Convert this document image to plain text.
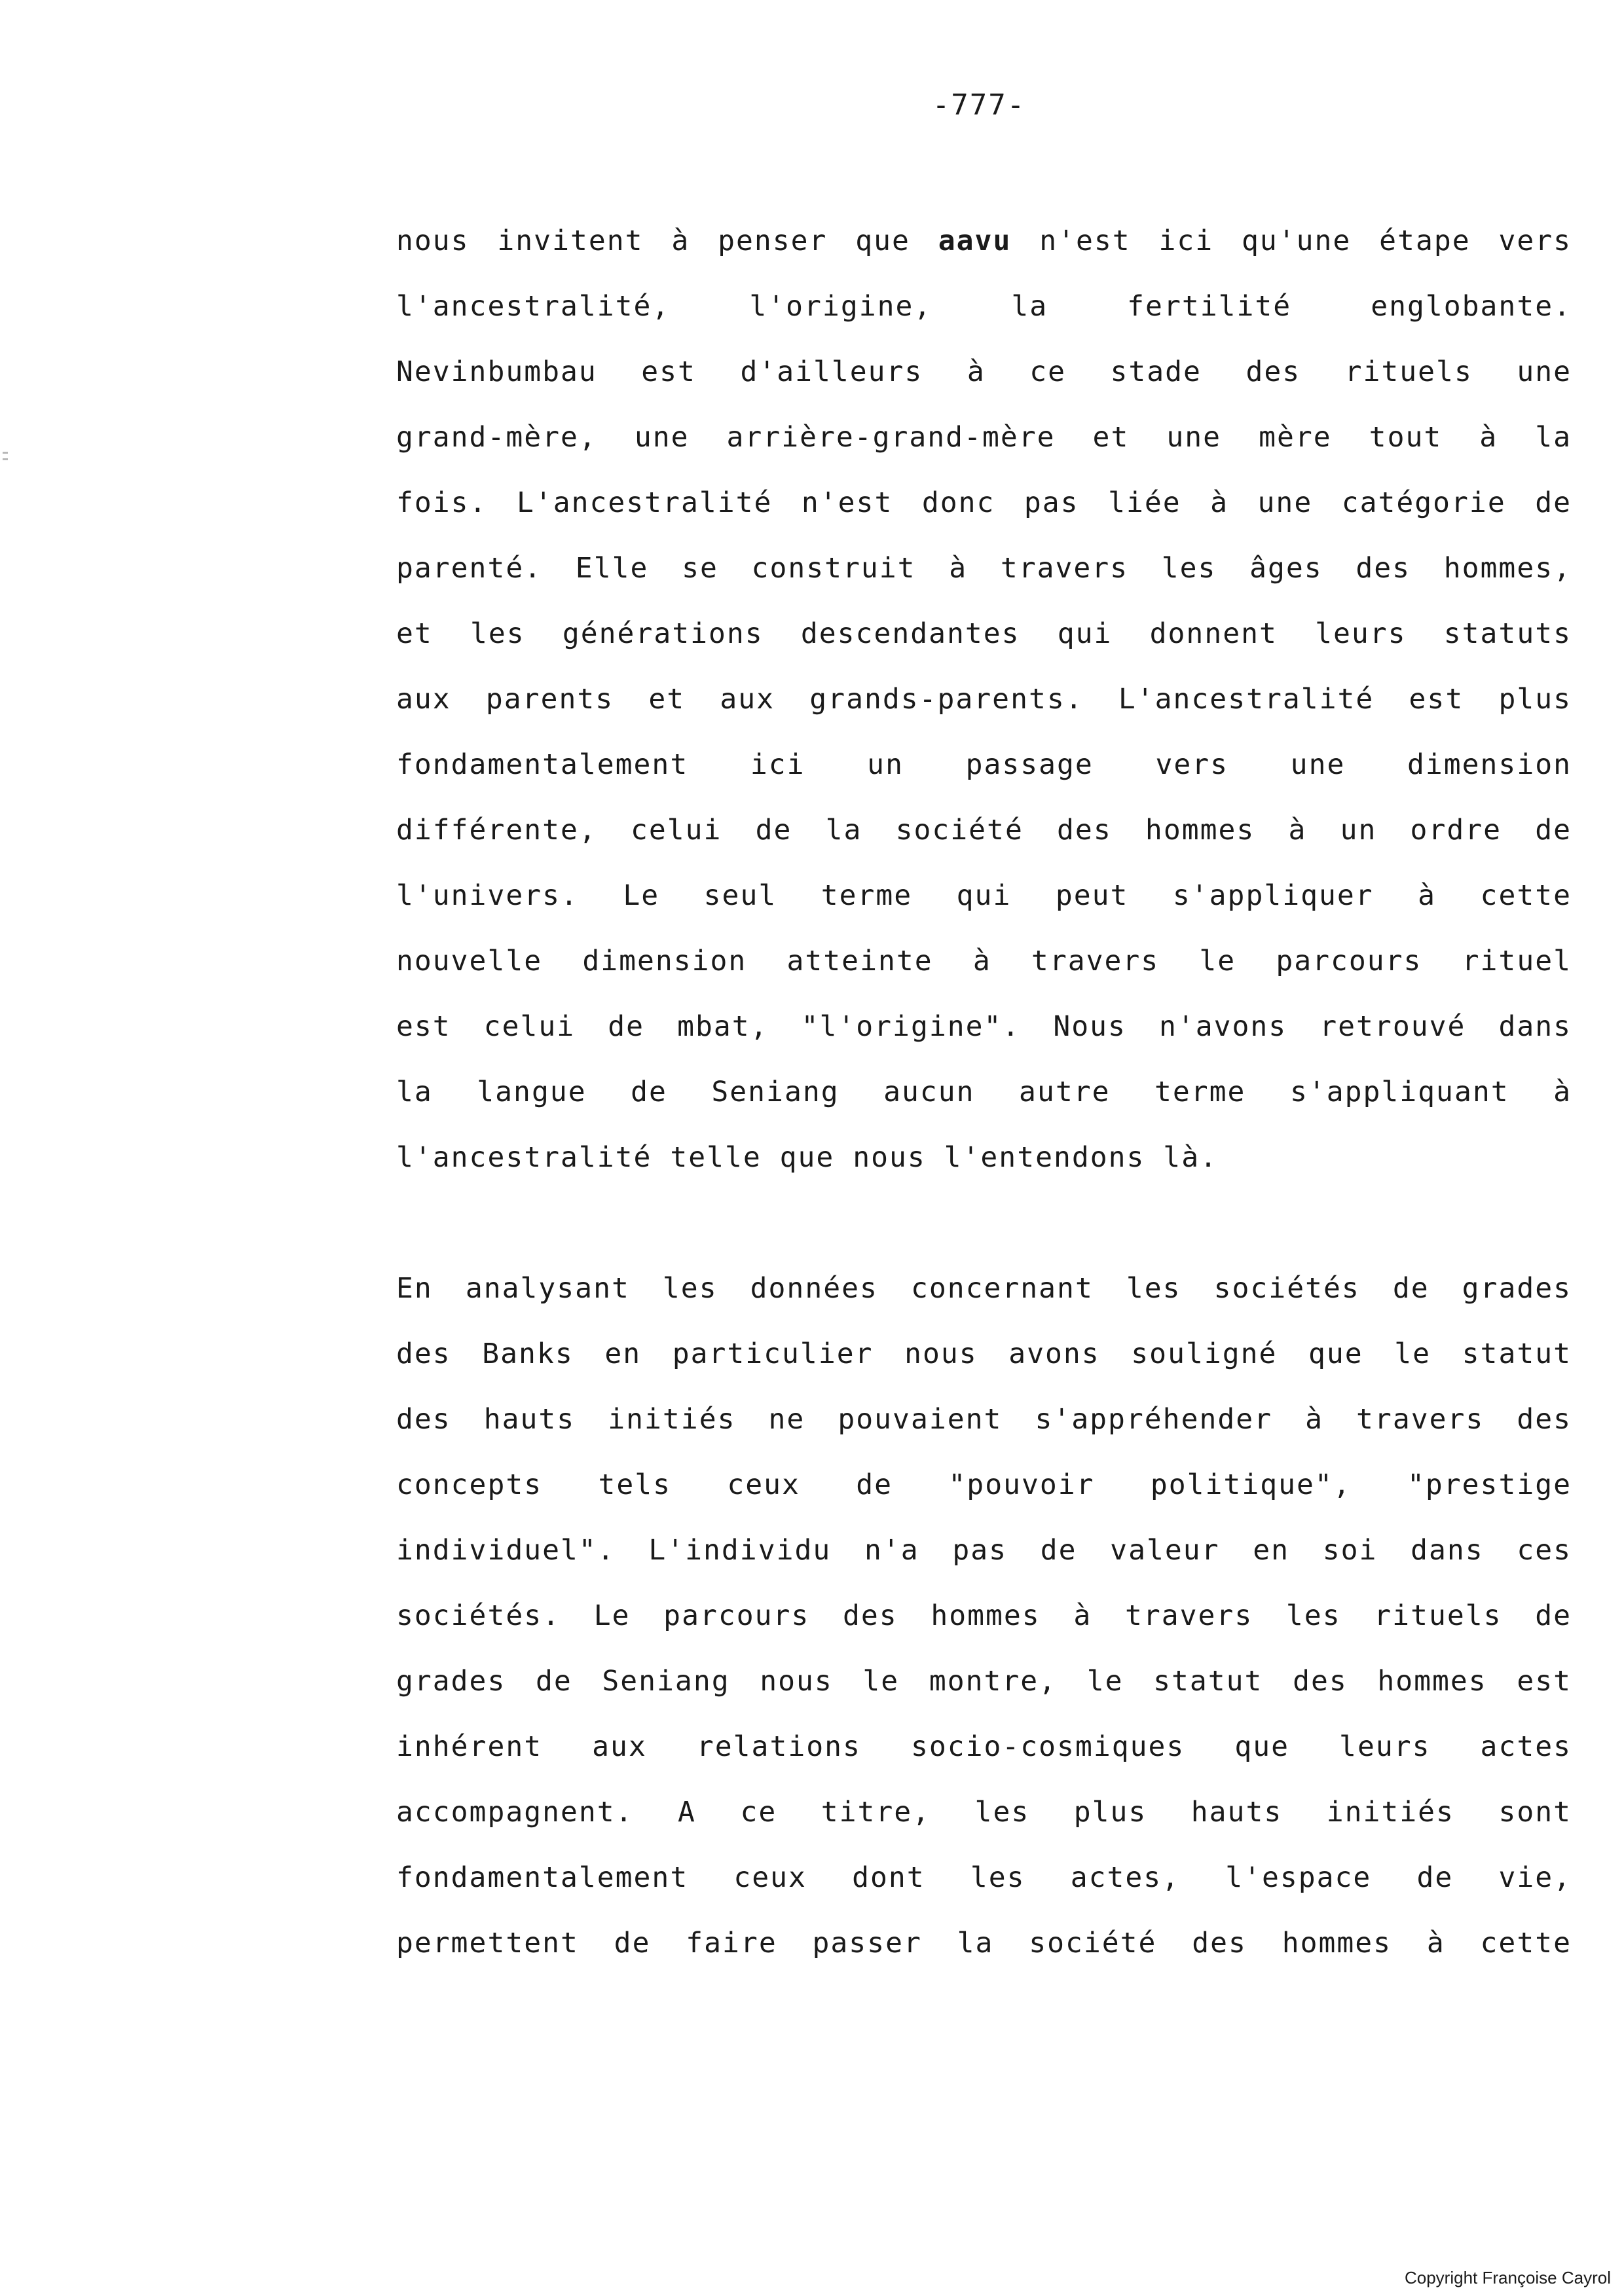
-777-
nous invitent à penser que aavu n'est ici qu'une étape vers
l'ancestralité, l'origine, la fertilité englobante.
Nevinbumbau est d'ailleurs à ce stade des rituels une
grand-mère, une arrière-grand-mère et une mère tout à la
fois. L'ancestralité n'est donc pas liée à une catégorie de
parenté. Elle se construit à travers les âges des hommes,
et les générations descendantes qui donnent leurs statuts
aux parents et aux grands-parents. L'ancestralité est plus
fondamentalement ici un passage vers une dimension
différente, celui de la société des hommes à un ordre de
l'univers. Le seul terme qui peut s'appliquer à cette
nouvelle dimension atteinte à travers le parcours rituel
est celui de mbat, "l'origine". Nous n'avons retrouvé dans
la langue de Seniang aucun autre terme s'appliquant à
l'ancestralité telle que nous l'entendons là.
En analysant les données concernant les sociétés de grades
des Banks en particulier nous avons souligné que le statut
des hauts initiés ne pouvaient s'appréhender à travers des
concepts tels ceux de "pouvoir politique", "prestige
individuel". L'individu n'a pas de valeur en soi dans ces
sociétés. Le parcours des hommes à travers les rituels de
grades de Seniang nous le montre, le statut des hommes est
inhérent aux relations socio-cosmiques que leurs actes
accompagnent. A ce titre, les plus hauts initiés sont
fondamentalement ceux dont les actes, l'espace de vie,
permettent de faire passer la société des hommes à cette
Copyright Françoise Cayrol
